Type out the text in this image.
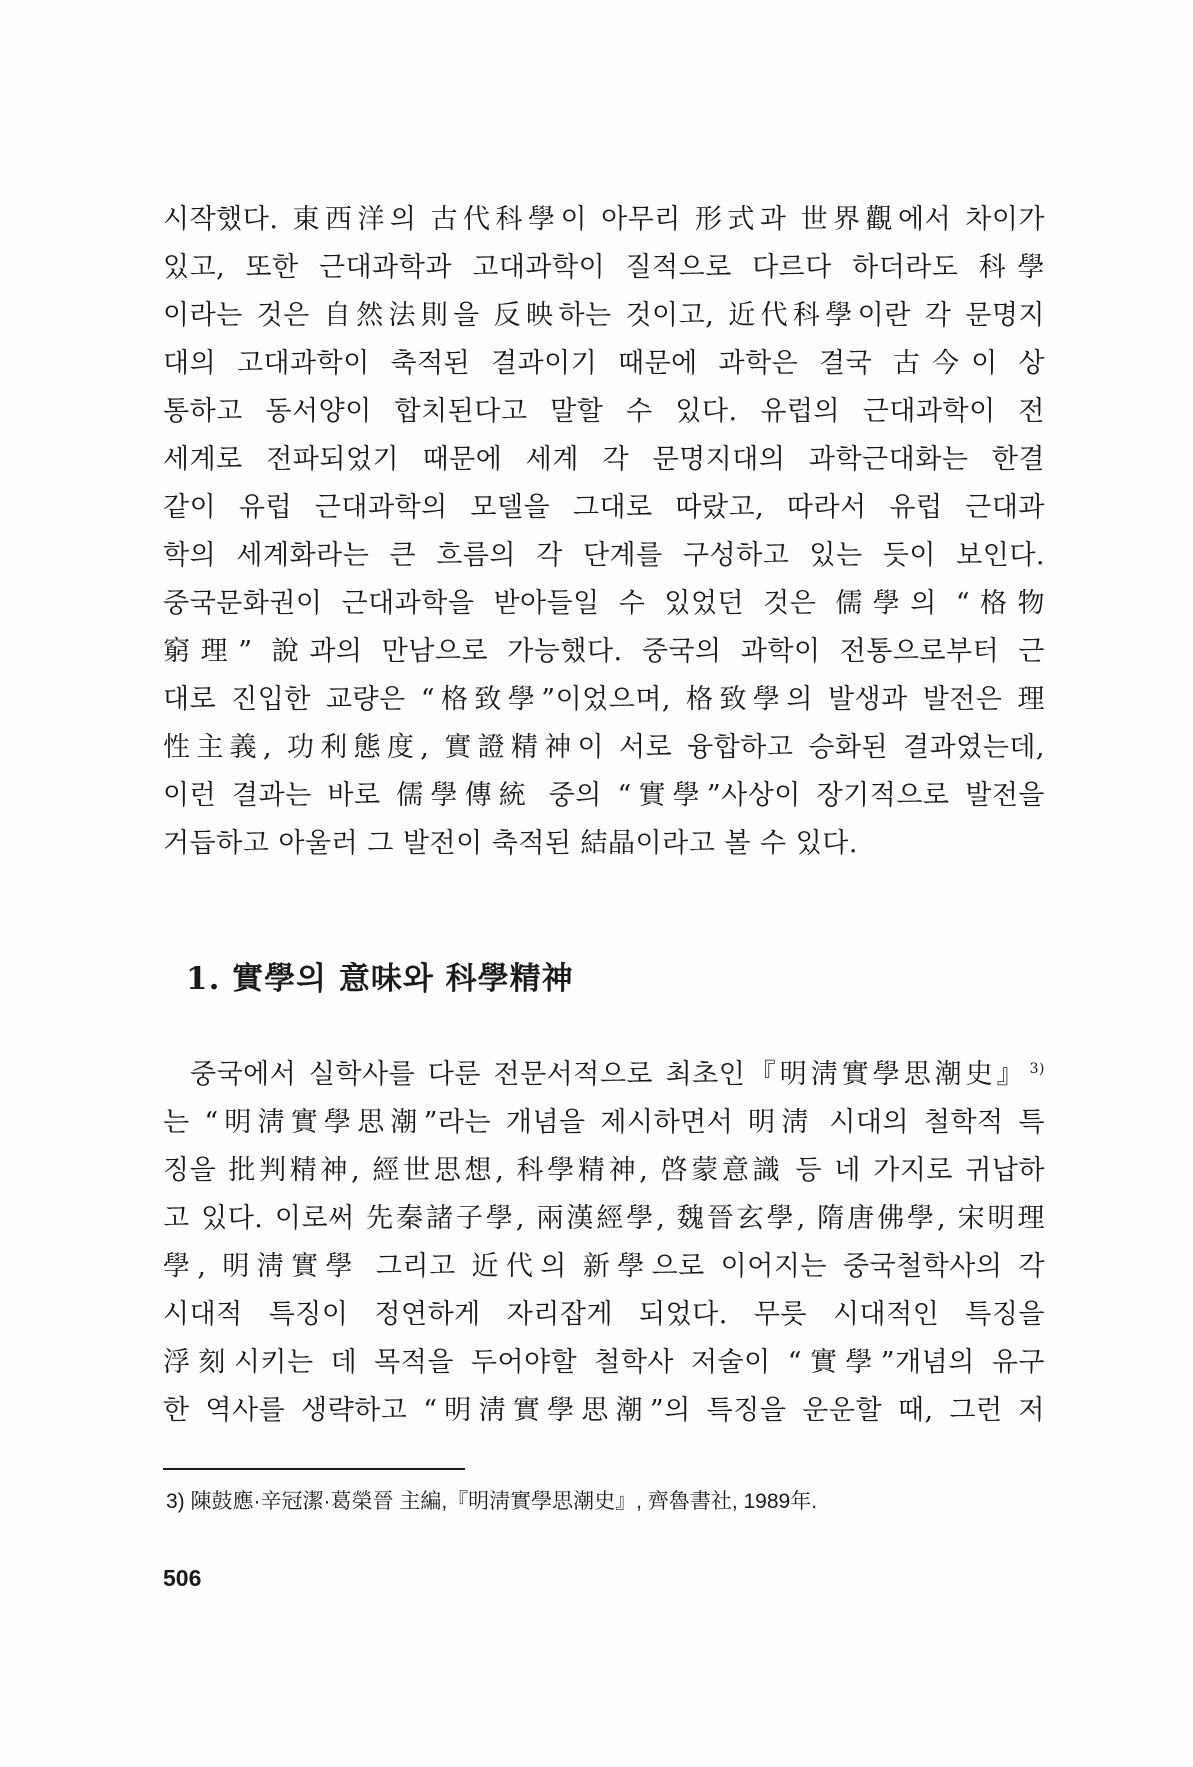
시작했다. 東西洋의 古代科學이 아무리 形式과 世界觀에서 차이가
있고, 또한 근대과학과 고대과학이 질적으로 다르다 하더라도 科學
이라는 것은 自然法則을 反映하는 것이고, 近代科學이란 각 문명지
대의 고대과학이 축적된 결과이기 때문에 과학은 결국 古今이 상
통하고 동서양이 합치된다고 말할 수 있다. 유럽의 근대과학이 전
세계로 전파되었기 때문에 세계 각 문명지대의 과학근대화는 한결
같이 유럽 근대과학의 모델을 그대로 따랐고, 따라서 유럽 근대과
학의 세계화라는 큰 흐름의 각 단계를 구성하고 있는 듯이 보인다.
중국문화권이 근대과학을 받아들일 수 있었던 것은 儒學의 “格物
窮理” 說과의 만남으로 가능했다. 중국의 과학이 전통으로부터 근
대로 진입한 교량은 “格致學”이었으며, 格致學의 발생과 발전은 理
性主義, 功利態度, 實證精神이 서로 융합하고 승화된 결과였는데,
이런 결과는 바로 儒學傳統 중의 “實學”사상이 장기적으로 발전을
거듭하고 아울러 그 발전이 축적된 結晶이라고 볼 수 있다.
1. 實學의 意味와 科學精神
중국에서 실학사를 다룬 전문서적으로 최초인『明淸實學思潮史』 $^{3)}$
는 “明淸實學思潮”라는 개념을 제시하면서 明淸 시대의 철학적 특
징을 批判精神, 經世思想, 科學精神, 啓蒙意識 등 네 가지로 귀납하
고 있다. 이로써 先秦諸子學, 兩漢經學, 魏晉玄學, 隋唐佛學, 宋明理
學, 明淸實學 그리고 近代의 新學으로 이어지는 중국철학사의 각
시대적 특징이 정연하게 자리잡게 되었다. 무릇 시대적인 특징을
浮刻시키는 데 목적을 두어야할 철학사 저술이 “實學”개념의 유구
한 역사를 생략하고 “明淸實學思潮”의 특징을 운운할 때, 그런 저
3) 陳鼓應·辛冠潔·葛榮晉 主編,『明淸實學思潮史』, 齊魯書社, 1989年.
506
